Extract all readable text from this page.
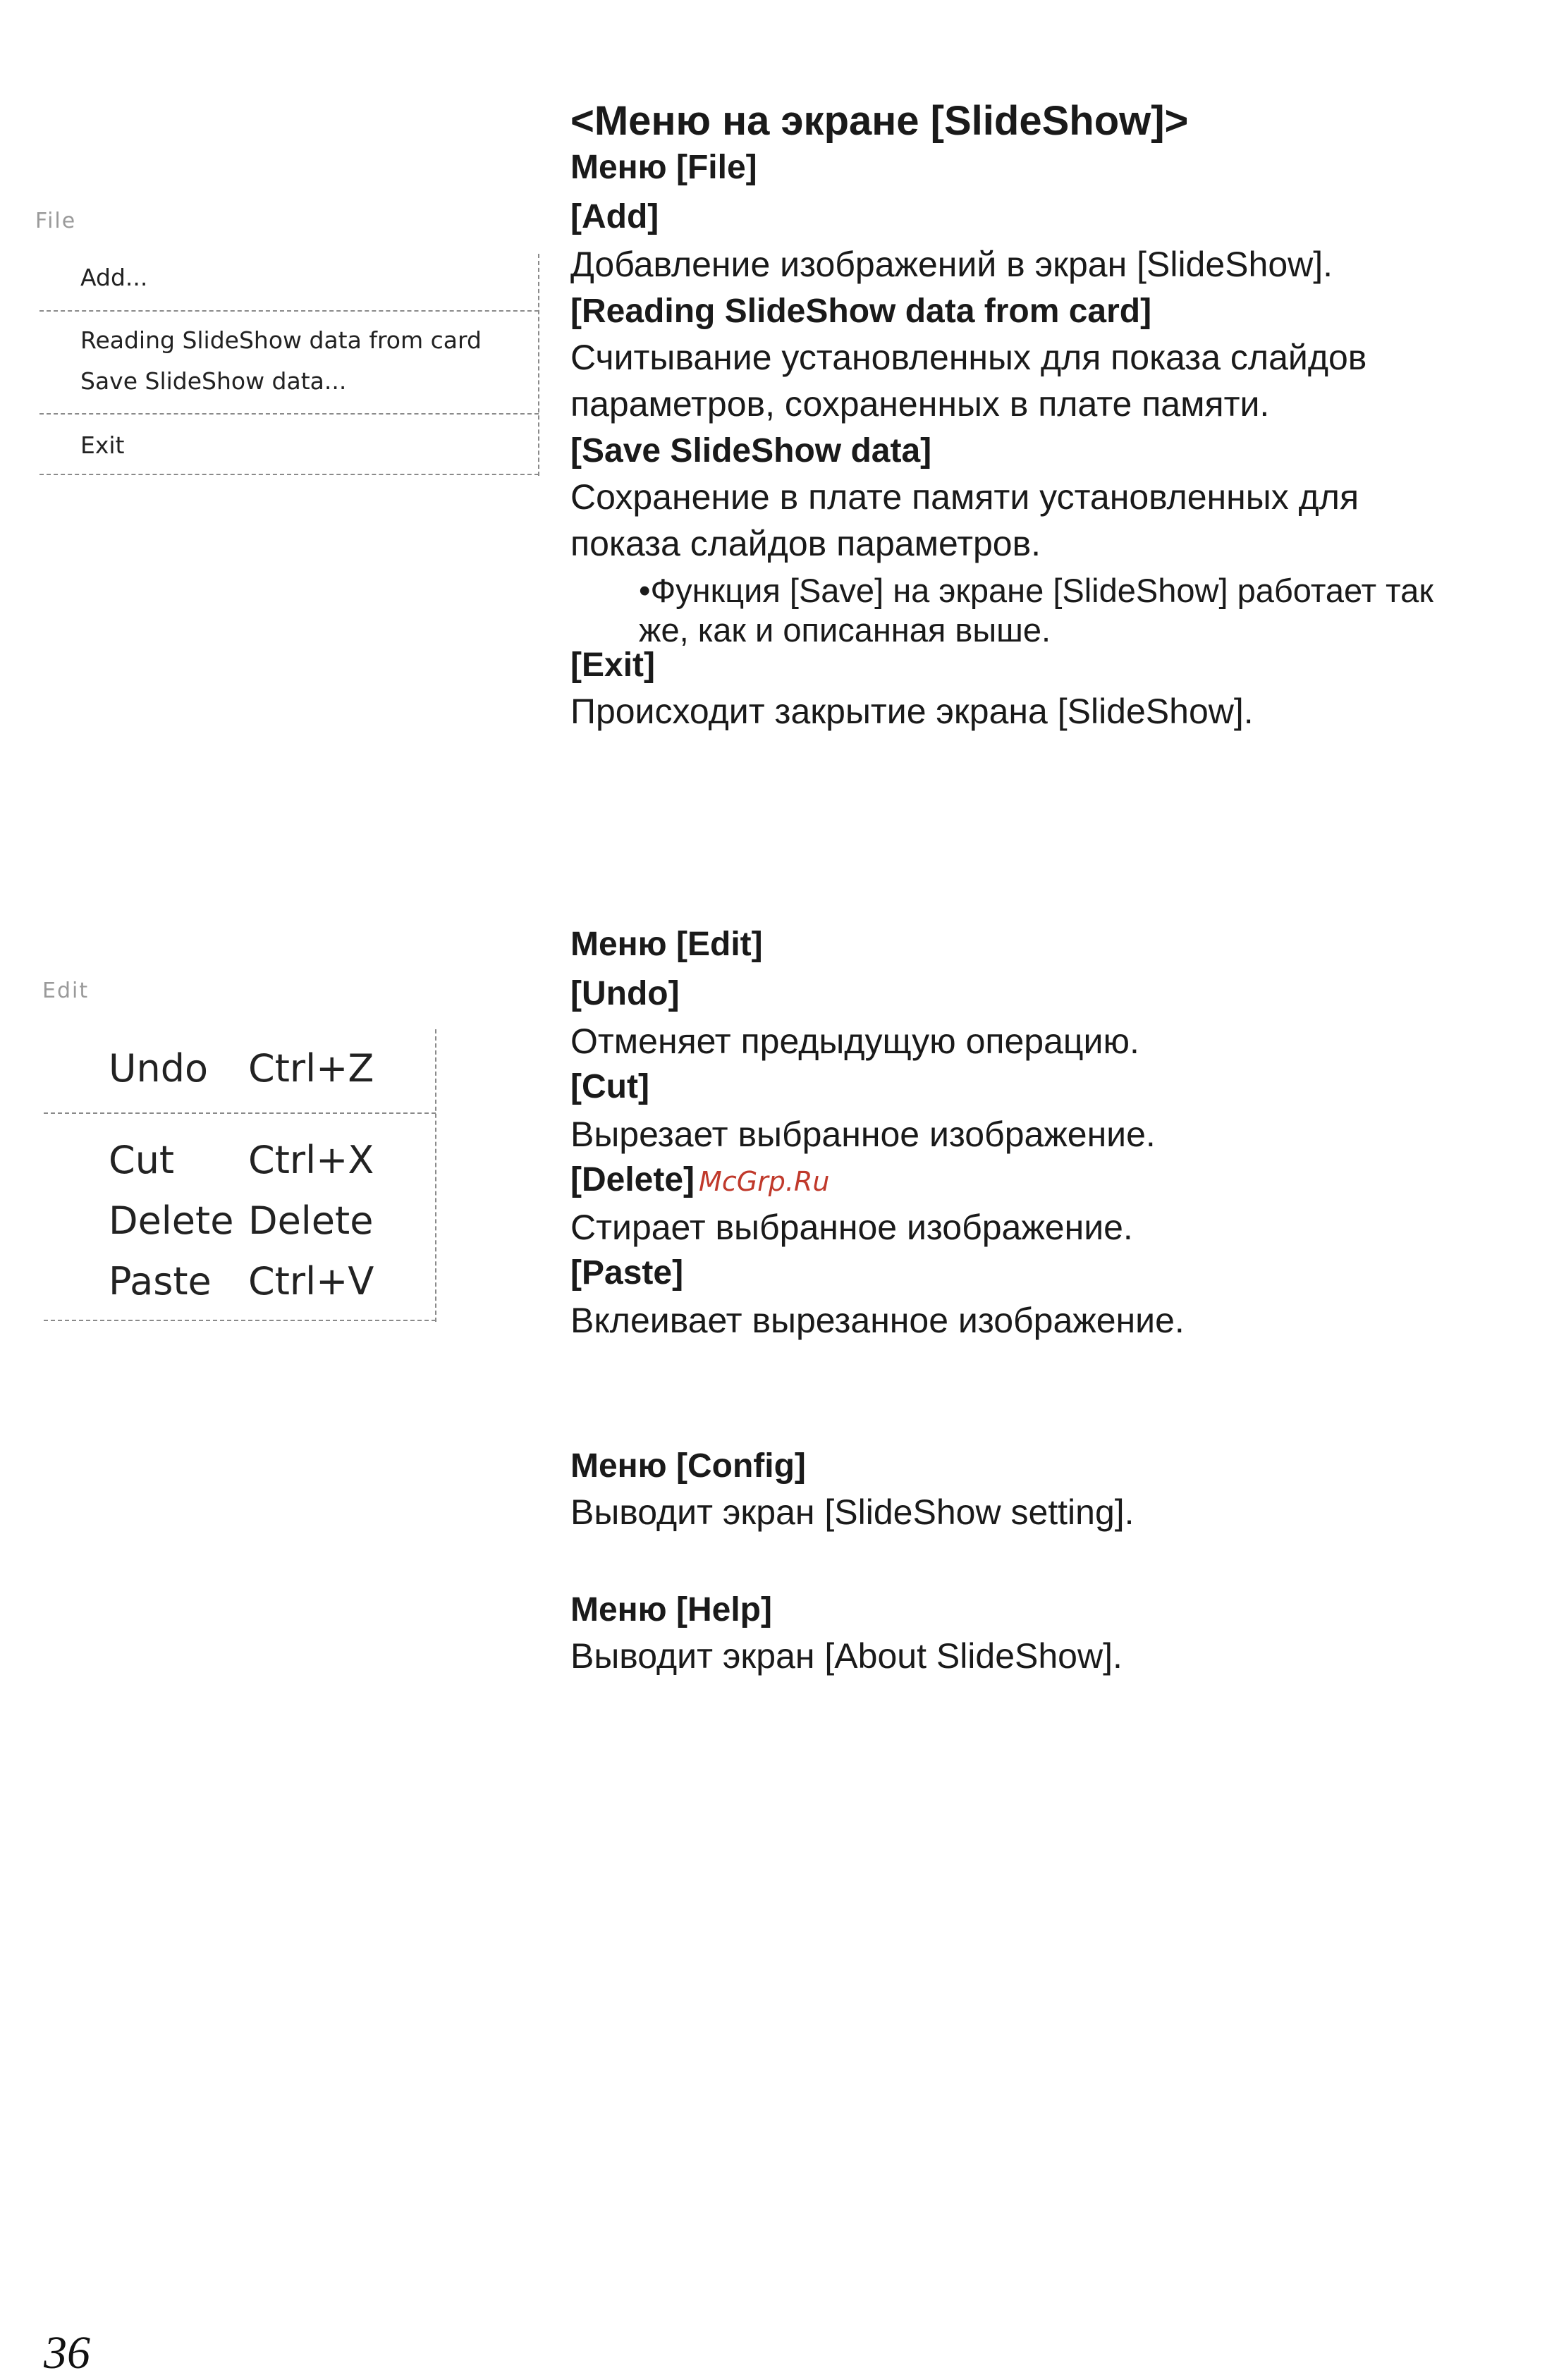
File
Add...
Reading SlideShow data from card
Save SlideShow data...
Exit
Edit
Undo Ctrl+Z
Cut Ctrl+X
Delete Delete
Paste Ctrl+V
<Меню на экране [SlideShow]>
Меню [File]
[Add]
Добавление изображений в экран [SlideShow].
[Reading SlideShow data from card]
Считывание установленных для показа слайдов
параметров, сохраненных в плате памяти.
[Save SlideShow data]
Сохранение в плате памяти установленных для
показа слайдов параметров.
•Функция [Save] на экране [SlideShow] работает так
же, как и описанная выше.
[Exit]
Происходит закрытие экрана [SlideShow].
Меню [Edit]
[Undo]
Отменяет предыдущую операцию.
[Cut]
Вырезает выбранное изображение.
[Delete] McGrp.Ru
Стирает выбранное изображение.
[Paste]
Вклеивает вырезанное изображение.
Меню [Config]
Выводит экран [SlideShow setting].
Меню [Help]
Выводит экран [About SlideShow].
36
